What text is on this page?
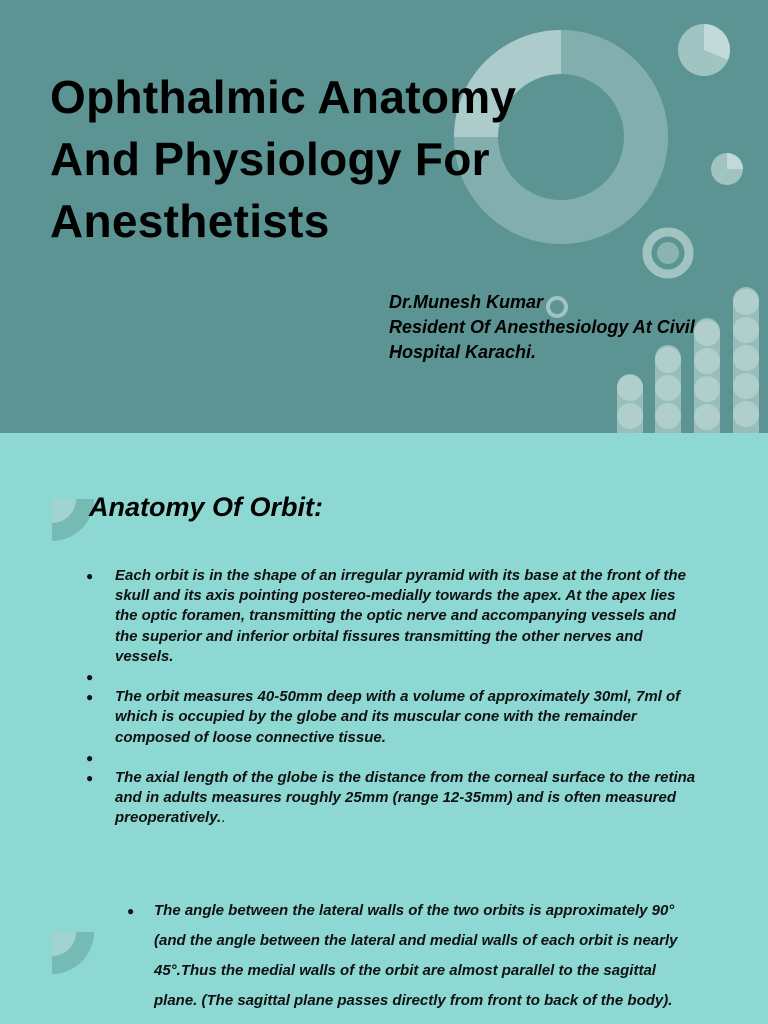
Ophthalmic Anatomy
And Physiology For
Anesthetists
Dr.Munesh Kumar
Resident Of Anesthesiology At Civil
Hospital Karachi.
Anatomy Of Orbit:
● Each orbit is in the shape of an irregular pyramid with its base at the front of the skull and its axis pointing postereo-medially towards the apex. At the apex lies the optic foramen, transmitting the optic nerve and accompanying vessels and the superior and inferior orbital fissures transmitting the other nerves and vessels.
●
● The orbit measures 40-50mm deep with a volume of approximately 30ml, 7ml of which is occupied by the globe and its muscular cone with the remainder composed of loose connective tissue.
●
● The axial length of the globe is the distance from the corneal surface to the retina and in adults measures roughly 25mm (range 12-35mm) and is often measured preoperatively..
● The angle between the lateral walls of the two orbits is approximately 90° (and the angle between the lateral and medial walls of each orbit is nearly 45°.Thus the medial walls of the orbit are almost parallel to the sagittal plane. (The sagittal plane passes directly from front to back of the body).
